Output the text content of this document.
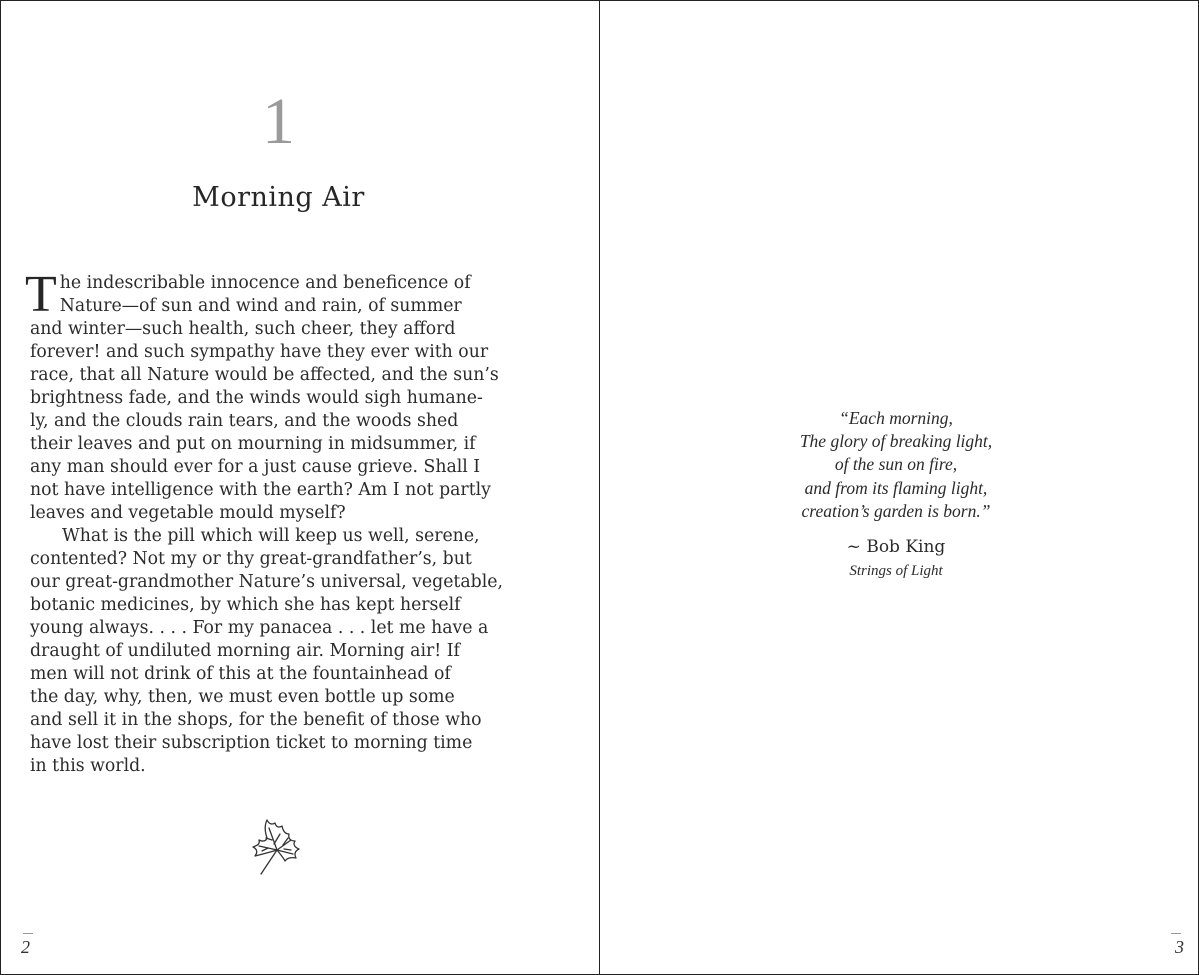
1
Morning Air

T he indescribable innocence and beneficence of
Nature—of sun and wind and rain, of summer
and winter—such health, such cheer, they afford
forever! and such sympathy have they ever with our
race, that all Nature would be affected, and the sun’s
brightness fade, and the winds would sigh humane-
ly, and the clouds rain tears, and the woods shed
their leaves and put on mourning in midsummer, if
any man should ever for a just cause grieve. Shall I
not have intelligence with the earth? Am I not partly
leaves and vegetable mould myself?

What is the pill which will keep us well, serene,
contented? Not my or thy great-grandfather’s, but
our great-grandmother Nature’s universal, vegetable,
botanic medicines, by which she has kept herself
young always. . . . For my panacea . . . let me have a
draught of undiluted morning air. Morning air! If
men will not drink of this at the fountainhead of
the day, why, then, we must even bottle up some
and sell it in the shops, for the benefit of those who
have lost their subscription ticket to morning time
in this world.

2
“Each morning,
The glory of breaking light,
of the sun on fire,
and from its flaming light,
creation’s garden is born.”
~ Bob King
Strings of Light
3
